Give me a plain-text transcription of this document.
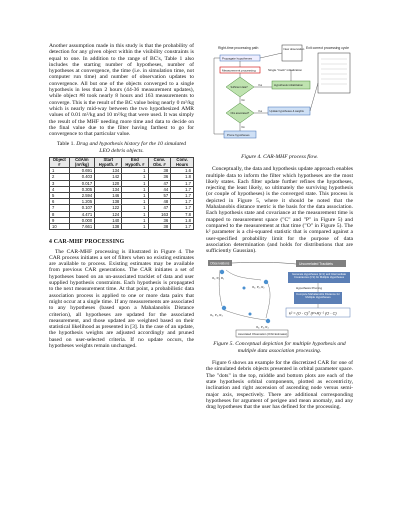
Another assumption made in this study is that the probability of detection for any given object within the visibility constraints is equal to one. In addition to the range of BC's, Table 1 also includes the starting number of hypotheses, number of hypotheses at convergence, the time (i.e. in simulation time, not computer run time) and number of observation updates to convergence. All but one of the objects converged to a single hypothesis in less than 2 hours (44-36 measurement updates), while object #8 took nearly 8 hours and 163 measurements to converge. This is the result of the BC value being nearly 0 m²/kg which is nearly mid-way between the two hypothesized AMR values of 0.01 m²/kg and 10 m²/kg that were used. It was simply the result of the MHF needing more time and data to decide on the final value due to the filter having farthest to go for convergence to that particular value.

Table 1. Drag and hypothesis history for the 10 simulated LEO debris objects.
Object #	CdA/m (m²/kg)	Start Hypoth. #	End Hypoth. #	Conv. Obs. #	Conv. Hours
1	0.691	134	1	38	1.6
2	0.403	142	1	36	1.8
3	0.017	120	1	47	1.7
4	0.305	134	1	44	1.7
5	2.594	146	1	57	1.7
6	1.205	138	1	48	1.7
7	0.107	122	1	47	1.7
8	4.471	124	1	163	7.8
9	0.000	140	1	36	1.8
10	7.661	138	1	38	1.7
4 CAR-MHF PROCESSING

The CAR-MHF processing is illustrated in Figure 4. The CAR process initiates a set of filters when no existing estimates are available to process. Existing estimates may be available from previous CAR generations. The CAR initiates a set of hypotheses based on an un-associated tracklet of data and user supplied hypothesis constraints. Each hypothesis is propagated to the next measurement time. At that point, a probabilistic data association process is applied to one or more data pairs that might occur at a single time. If any measurements are associated to any hypotheses (based upon a Mahalanobis Distance criterion), all hypotheses are updated for the associated measurement, and those updated are weighted based on their statistical likelihood as presented in [3]. In the case of an update, the hypothesis weights are adjusted accordingly and pruned based on user-selected criteria. If no update occurs, the hypotheses weights remain unchanged.

Right-time processing path	Exit correct processing cycle
New observation
Propagate hypotheses
Measurement processing	Single "track" initialization
Sufficient data?
Hypothesis initialization
Obs associated?
Update hypotheses & weights
Prune hypotheses
Yes
No
Yes
No
Figure 4. CAR-MHF process flow.

Conceptually, the data and hypothesis update approach enables multiple data to inform the filter which hypotheses are the most likely states. Each filter update further refines the hypotheses, rejecting the least likely, so ultimately the surviving hypothesis (or couple of hypotheses) is the converged state. This process is depicted in Figure 5, where it should be noted that the Mahalanobis distance metric is the basis for the data association. Each hypothesis state and covariance at the measurement time is mapped to measurement space ("C" and "P" in Figure 5) and compared to the measurement at that time ("O" in Figure 5). The k² parameter is a chi-squared statistic that is compared against a user-specified probability limit for the purpose of data association determination (and holds for distributions that are sufficiently Gaussian).

Observations	Uncorrelated Tracklets
Generate Hypotheses (k=1) and Intermediate Covariances (C'k) for Multiple Hypotheses
Hypothesis Pruning
Compute Mahalanobis Distance for Multiple Hypotheses
k² = (O - C)ᵀ (P+R)⁻¹ (O - C)
O₁, P₁, R₁
O₂, P₂, R₂
O₃, P₃, R₃
O₄, P₄, R₄
Associated Observation (Orbit Estimates)
Figure 5. Conceptual depiction for multiple hypothesis and multiple data association processing.

Figure 6 shows an example for the discretized CAR for one of the simulated debris objects presented in orbital parameter space. The "dots" in the top, middle and bottom plots are each of the state hypothesis orbital components, plotted as eccentricity, inclination and right ascension of ascending node versus semi-major axis, respectively. There are additional corresponding hypotheses for argument of perigee and mean anomaly, and any drag hypotheses that the user has defined for the processing.
